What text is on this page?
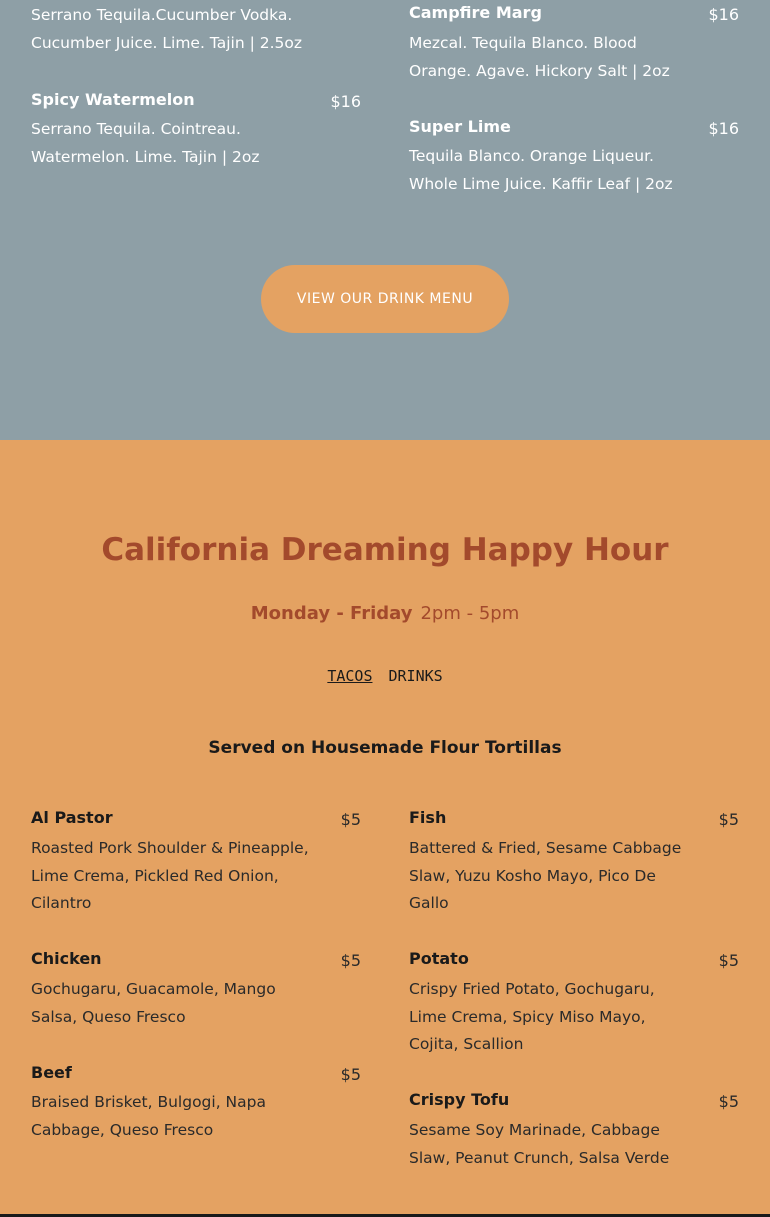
Serrano Tequila.Cucumber Vodka. Cucumber Juice. Lime. Tajin | 2.5oz
Spicy Watermelon	$16
Serrano Tequila. Cointreau. Watermelon. Lime. Tajin | 2oz
Campfire Marg	$16
Mezcal. Tequila Blanco. Blood Orange. Agave. Hickory Salt | 2oz
Super Lime	$16
Tequila Blanco. Orange Liqueur. Whole Lime Juice. Kaffir Leaf | 2oz
VIEW OUR DRINK MENU
California Dreaming Happy Hour
Monday - Friday 2pm - 5pm
TACOS DRINKS
Served on Housemade Flour Tortillas
Al Pastor	$5
Roasted Pork Shoulder & Pineapple, Lime Crema, Pickled Red Onion, Cilantro
Chicken	$5
Gochugaru, Guacamole, Mango Salsa, Queso Fresco
Beef	$5
Braised Brisket, Bulgogi, Napa Cabbage, Queso Fresco
Fish	$5
Battered & Fried, Sesame Cabbage Slaw, Yuzu Kosho Mayo, Pico De Gallo
Potato	$5
Crispy Fried Potato, Gochugaru, Lime Crema, Spicy Miso Mayo, Cojita, Scallion
Crispy Tofu	$5
Sesame Soy Marinade, Cabbage Slaw, Peanut Crunch, Salsa Verde
